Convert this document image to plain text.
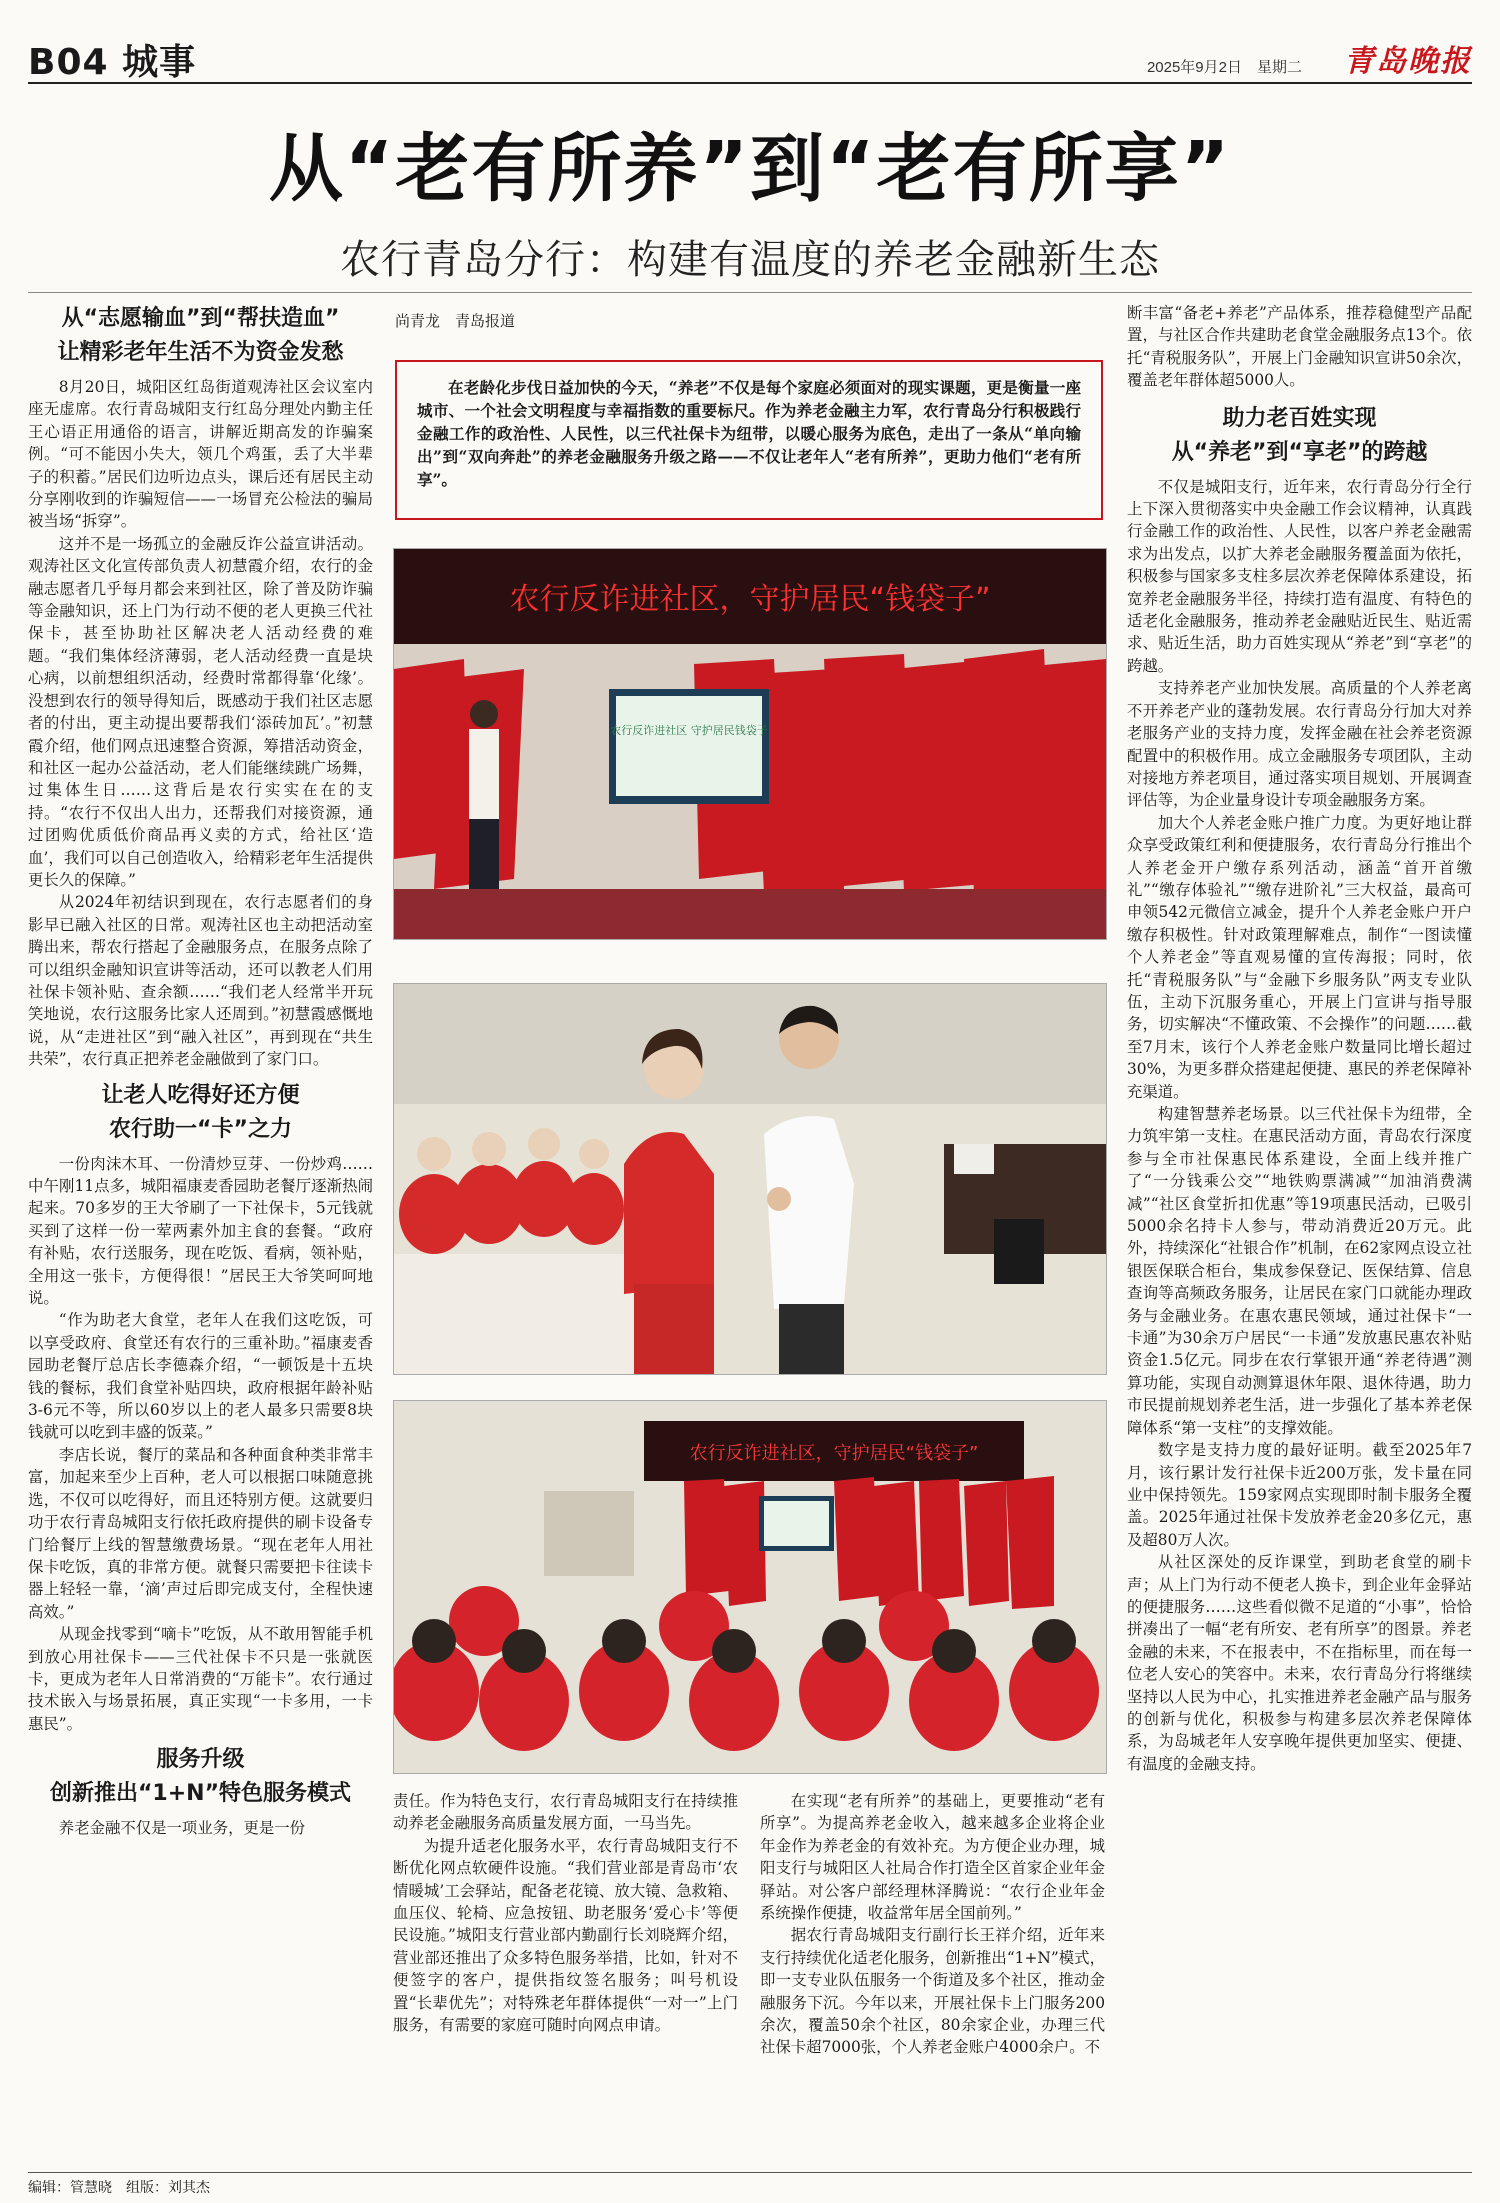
B04 城事	2025年9月2日　星期二 青岛晚报
从“老有所养”到“老有所享”
农行青岛分行：构建有温度的养老金融新生态
从“志愿输血”到“帮扶造血”
让精彩老年生活不为资金发愁

8月20日，城阳区红岛街道观涛社区会议室内座无虚席。农行青岛城阳支行红岛分理处内勤主任王心语正用通俗的语言，讲解近期高发的诈骗案例。“可不能因小失大，领几个鸡蛋，丢了大半辈子的积蓄。”居民们边听边点头，课后还有居民主动分享刚收到的诈骗短信——一场冒充公检法的骗局被当场“拆穿”。

这并不是一场孤立的金融反诈公益宣讲活动。观涛社区文化宣传部负责人初慧霞介绍，农行的金融志愿者几乎每月都会来到社区，除了普及防诈骗等金融知识，还上门为行动不便的老人更换三代社保卡，甚至协助社区解决老人活动经费的难题。“我们集体经济薄弱，老人活动经费一直是块心病，以前想组织活动，经费时常都得靠‘化缘’。没想到农行的领导得知后，既感动于我们社区志愿者的付出，更主动提出要帮我们‘添砖加瓦’。”初慧霞介绍，他们网点迅速整合资源，筹措活动资金，和社区一起办公益活动，老人们能继续跳广场舞，过集体生日……这背后是农行实实在在的支持。“农行不仅出人出力，还帮我们对接资源，通过团购优质低价商品再义卖的方式，给社区‘造血’，我们可以自己创造收入，给精彩老年生活提供更长久的保障。”

从2024年初结识到现在，农行志愿者们的身影早已融入社区的日常。观涛社区也主动把活动室腾出来，帮农行搭起了金融服务点，在服务点除了可以组织金融知识宣讲等活动，还可以教老人们用社保卡领补贴、查余额……“我们老人经常半开玩笑地说，农行这服务比家人还周到。”初慧霞感慨地说，从“走进社区”到“融入社区”，再到现在“共生共荣”，农行真正把养老金融做到了家门口。

让老人吃得好还方便
农行助一“卡”之力

一份肉沫木耳、一份清炒豆芽、一份炒鸡……中午刚11点多，城阳福康麦香园助老餐厅逐渐热闹起来。70多岁的王大爷刷了一下社保卡，5元钱就买到了这样一份一荤两素外加主食的套餐。“政府有补贴，农行送服务，现在吃饭、看病，领补贴，全用这一张卡，方便得很！”居民王大爷笑呵呵地说。

“作为助老大食堂，老年人在我们这吃饭，可以享受政府、食堂还有农行的三重补助。”福康麦香园助老餐厅总店长李德森介绍，“一顿饭是十五块钱的餐标，我们食堂补贴四块，政府根据年龄补贴3-6元不等，所以60岁以上的老人最多只需要8块钱就可以吃到丰盛的饭菜。”

李店长说，餐厅的菜品和各种面食种类非常丰富，加起来至少上百种，老人可以根据口味随意挑选，不仅可以吃得好，而且还特别方便。这就要归功于农行青岛城阳支行依托政府提供的刷卡设备专门给餐厅上线的智慧缴费场景。“现在老年人用社保卡吃饭，真的非常方便。就餐只需要把卡往读卡器上轻轻一靠，‘滴’声过后即完成支付，全程快速高效。”

从现金找零到“嘀卡”吃饭，从不敢用智能手机到放心用社保卡——三代社保卡不只是一张就医卡，更成为老年人日常消费的“万能卡”。农行通过技术嵌入与场景拓展，真正实现“一卡多用，一卡惠民”。

服务升级
创新推出“1+N”特色服务模式

养老金融不仅是一项业务，更是一份

尚青龙　青岛报道

在老龄化步伐日益加快的今天，“养老”不仅是每个家庭必须面对的现实课题，更是衡量一座城市、一个社会文明程度与幸福指数的重要标尺。作为养老金融主力军，农行青岛分行积极践行金融工作的政治性、人民性，以三代社保卡为纽带，以暖心服务为底色，走出了一条从“单向输出”到“双向奔赴”的养老金融服务升级之路——不仅让老年人“老有所养”，更助力他们“老有所享”。

农行反诈进社区 守护居民钱袋子
农行反诈进社区，守护居民“钱袋子”
农行反诈进社区，守护居民“钱袋子”

责任。作为特色支行，农行青岛城阳支行在持续推动养老金融服务高质量发展方面，一马当先。

为提升适老化服务水平，农行青岛城阳支行不断优化网点软硬件设施。“我们营业部是青岛市‘农情暖城’工会驿站，配备老花镜、放大镜、急救箱、血压仪、轮椅、应急按钮、助老服务‘爱心卡’等便民设施。”城阳支行营业部内勤副行长刘晓辉介绍，营业部还推出了众多特色服务举措，比如，针对不便签字的客户，提供指纹签名服务；叫号机设置“长辈优先”；对特殊老年群体提供“一对一”上门服务，有需要的家庭可随时向网点申请。

在实现“老有所养”的基础上，更要推动“老有所享”。为提高养老金收入，越来越多企业将企业年金作为养老金的有效补充。为方便企业办理，城阳支行与城阳区人社局合作打造全区首家企业年金驿站。对公客户部经理林泽腾说：“农行企业年金系统操作便捷，收益常年居全国前列。”

据农行青岛城阳支行副行长王祥介绍，近年来支行持续优化适老化服务，创新推出“1+N”模式，即一支专业队伍服务一个街道及多个社区，推动金融服务下沉。今年以来，开展社保卡上门服务200余次，覆盖50余个社区，80余家企业，办理三代社保卡超7000张，个人养老金账户4000余户。不

断丰富“备老+养老”产品体系，推荐稳健型产品配置，与社区合作共建助老食堂金融服务点13个。依托“青税服务队”，开展上门金融知识宣讲50余次，覆盖老年群体超5000人。

助力老百姓实现
从“养老”到“享老”的跨越

不仅是城阳支行，近年来，农行青岛分行全行上下深入贯彻落实中央金融工作会议精神，认真践行金融工作的政治性、人民性，以客户养老金融需求为出发点，以扩大养老金融服务覆盖面为依托，积极参与国家多支柱多层次养老保障体系建设，拓宽养老金融服务半径，持续打造有温度、有特色的适老化金融服务，推动养老金融贴近民生、贴近需求、贴近生活，助力百姓实现从“养老”到“享老”的跨越。

支持养老产业加快发展。高质量的个人养老离不开养老产业的蓬勃发展。农行青岛分行加大对养老服务产业的支持力度，发挥金融在社会养老资源配置中的积极作用。成立金融服务专项团队，主动对接地方养老项目，通过落实项目规划、开展调查评估等，为企业量身设计专项金融服务方案。

加大个人养老金账户推广力度。为更好地让群众享受政策红利和便捷服务，农行青岛分行推出个人养老金开户缴存系列活动，涵盖“首开首缴礼”“缴存体验礼”“缴存进阶礼”三大权益，最高可申领542元微信立减金，提升个人养老金账户开户缴存积极性。针对政策理解难点，制作“一图读懂个人养老金”等直观易懂的宣传海报；同时，依托“青税服务队”与“金融下乡服务队”两支专业队伍，主动下沉服务重心，开展上门宣讲与指导服务，切实解决“不懂政策、不会操作”的问题……截至7月末，该行个人养老金账户数量同比增长超过30%，为更多群众搭建起便捷、惠民的养老保障补充渠道。

构建智慧养老场景。以三代社保卡为纽带，全力筑牢第一支柱。在惠民活动方面，青岛农行深度参与全市社保惠民体系建设，全面上线并推广了“一分钱乘公交”“地铁购票满减”“加油消费满减”“社区食堂折扣优惠”等19项惠民活动，已吸引5000余名持卡人参与，带动消费近20万元。此外，持续深化“社银合作”机制，在62家网点设立社银医保联合柜台，集成参保登记、医保结算、信息查询等高频政务服务，让居民在家门口就能办理政务与金融业务。在惠农惠民领域，通过社保卡“一卡通”为30余万户居民“一卡通”发放惠民惠农补贴资金1.5亿元。同步在农行掌银开通“养老待遇”测算功能，实现自动测算退休年限、退休待遇，助力市民提前规划养老生活，进一步强化了基本养老保障体系“第一支柱”的支撑效能。

数字是支持力度的最好证明。截至2025年7月，该行累计发行社保卡近200万张，发卡量在同业中保持领先。159家网点实现即时制卡服务全覆盖。2025年通过社保卡发放养老金20多亿元，惠及超80万人次。

从社区深处的反诈课堂，到助老食堂的刷卡声；从上门为行动不便老人换卡，到企业年金驿站的便捷服务……这些看似微不足道的“小事”，恰恰拼凑出了一幅“老有所安、老有所享”的图景。养老金融的未来，不在报表中，不在指标里，而在每一位老人安心的笑容中。未来，农行青岛分行将继续坚持以人民为中心，扎实推进养老金融产品与服务的创新与优化，积极参与构建多层次养老保障体系，为岛城老年人安享晚年提供更加坚实、便捷、有温度的金融支持。

编辑：管慧晓　组版：刘其杰
